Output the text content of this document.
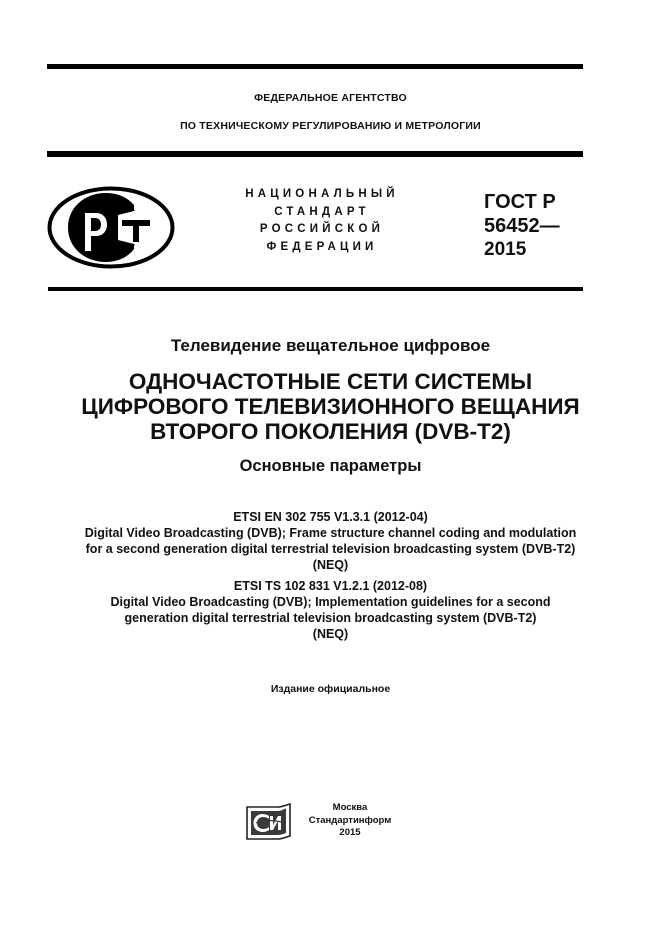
ФЕДЕРАЛЬНОЕ АГЕНТСТВО
ПО ТЕХНИЧЕСКОМУ РЕГУЛИРОВАНИЮ И МЕТРОЛОГИИ
НАЦИОНАЛЬНЫЙ
СТАНДАРТ
РОССИЙСКОЙ
ФЕДЕРАЦИИ
ГОСТ Р
56452—
2015
Телевидение вещательное цифровое
ОДНОЧАСТОТНЫЕ СЕТИ СИСТЕМЫ
ЦИФРОВОГО ТЕЛЕВИЗИОННОГО ВЕЩАНИЯ
ВТОРОГО ПОКОЛЕНИЯ (DVB-T2)
Основные параметры
ETSI EN 302 755 V1.3.1 (2012-04)
Digital Video Broadcasting (DVB); Frame structure channel coding and modulation
for a second generation digital terrestrial television broadcasting system (DVB-T2)
(NEQ)
ETSI TS 102 831 V1.2.1 (2012-08)
Digital Video Broadcasting (DVB); Implementation guidelines for a second
generation digital terrestrial television broadcasting system (DVB-T2)
(NEQ)
Издание официальное
Москва
Стандартинформ
2015
